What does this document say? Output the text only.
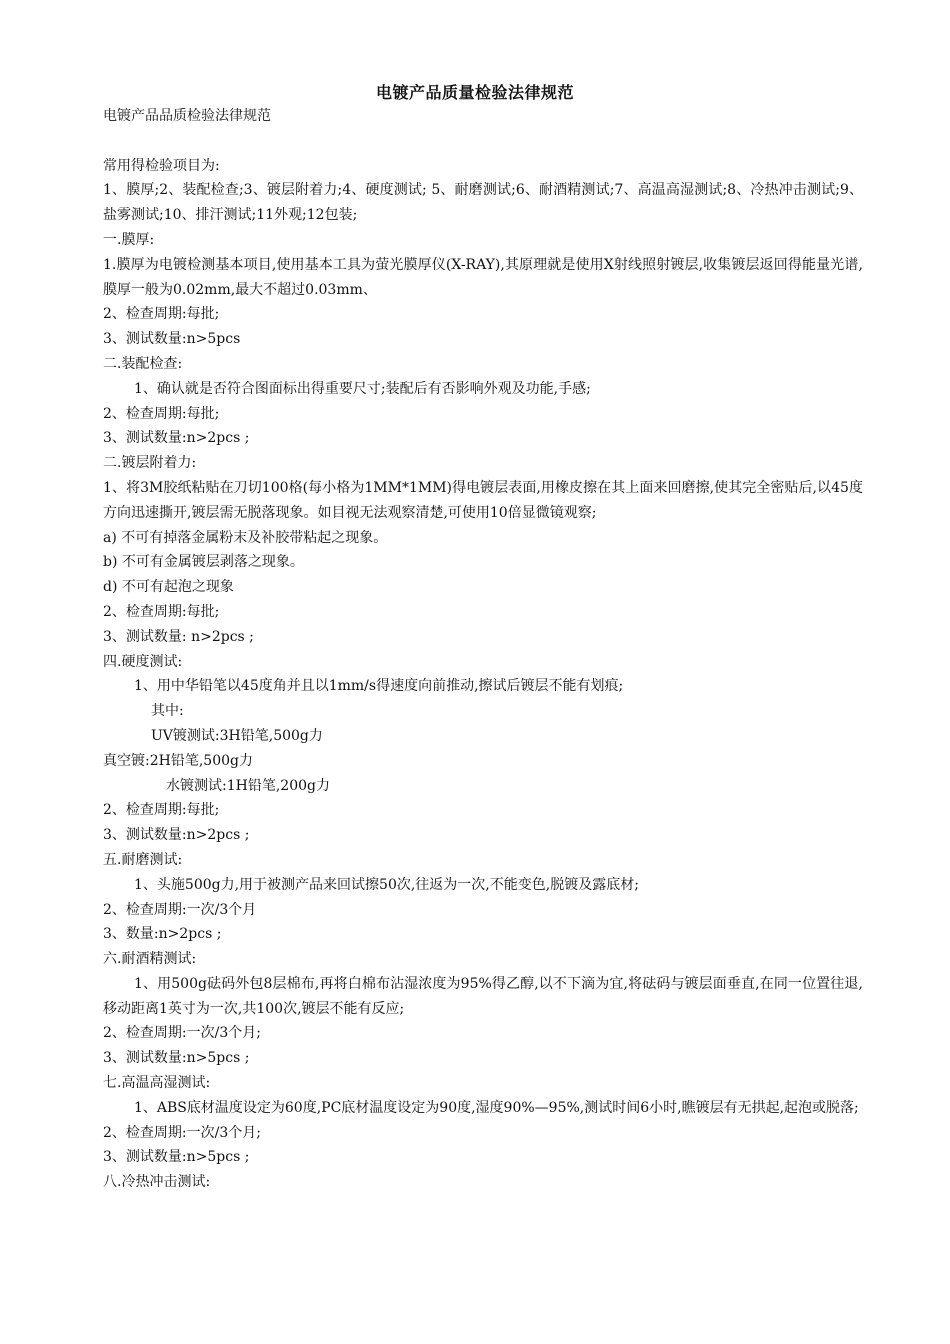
电镀产品质量检验法律规范
电镀产品品质检验法律规范
常用得检验项目为:
1、膜厚;2、装配检查;3、镀层附着力;4、硬度测试; 5、耐磨测试;6、耐酒精测试;7、高温高湿测试;8、冷热冲击测试;9、盐雾测试;10、排汗测试;11外观;12包装;
一.膜厚:
1.膜厚为电镀检测基本项目,使用基本工具为萤光膜厚仪(X-RAY),其原理就是使用X射线照射镀层,收集镀层返回得能量光谱,膜厚一般为0.02mm,最大不超过0.03mm、
2、检查周期:每批;
3、测试数量:n>5pcs
二.装配检查:
1、确认就是否符合图面标出得重要尺寸;装配后有否影响外观及功能,手感;
2、检查周期:每批;
3、测试数量:n>2pcs ;
二.镀层附着力:
1、将3M胶纸粘贴在刀切100格(每小格为1MM*1MM)得电镀层表面,用橡皮擦在其上面来回磨擦,使其完全密贴后,以45度方向迅速撕开,镀层需无脱落现象。如目视无法观察清楚,可使用10倍显微镜观察;
a) 不可有掉落金属粉末及补胶带粘起之现象。
b) 不可有金属镀层剥落之现象。
d) 不可有起泡之现象
2、检查周期:每批;
3、测试数量: n>2pcs ;
四.硬度测试:
1、用中华铅笔以45度角并且以1mm/s得速度向前推动,擦试后镀层不能有划痕;
其中:
UV镀测试:3H铅笔,500g力
真空镀:2H铅笔,500g力
水镀测试:1H铅笔,200g力
2、检查周期:每批;
3、测试数量:n>2pcs ;
五.耐磨测试:
1、头施500g力,用于被测产品来回试擦50次,往返为一次,不能变色,脱镀及露底材;
2、检查周期:一次/3个月
3、数量:n>2pcs ;
六.耐酒精测试:
1、用500g砝码外包8层棉布,再将白棉布沾湿浓度为95%得乙醇,以不下滴为宜,将砝码与镀层面垂直,在同一位置往退,移动距离1英寸为一次,共100次,镀层不能有反应;
2、检查周期:一次/3个月;
3、测试数量:n>5pcs ;
七.高温高湿测试:
1、ABS底材温度设定为60度,PC底材温度设定为90度,湿度90%—95%,测试时间6小时,瞧镀层有无拱起,起泡或脱落;
2、检查周期:一次/3个月;
3、测试数量:n>5pcs ;
八.冷热冲击测试:
